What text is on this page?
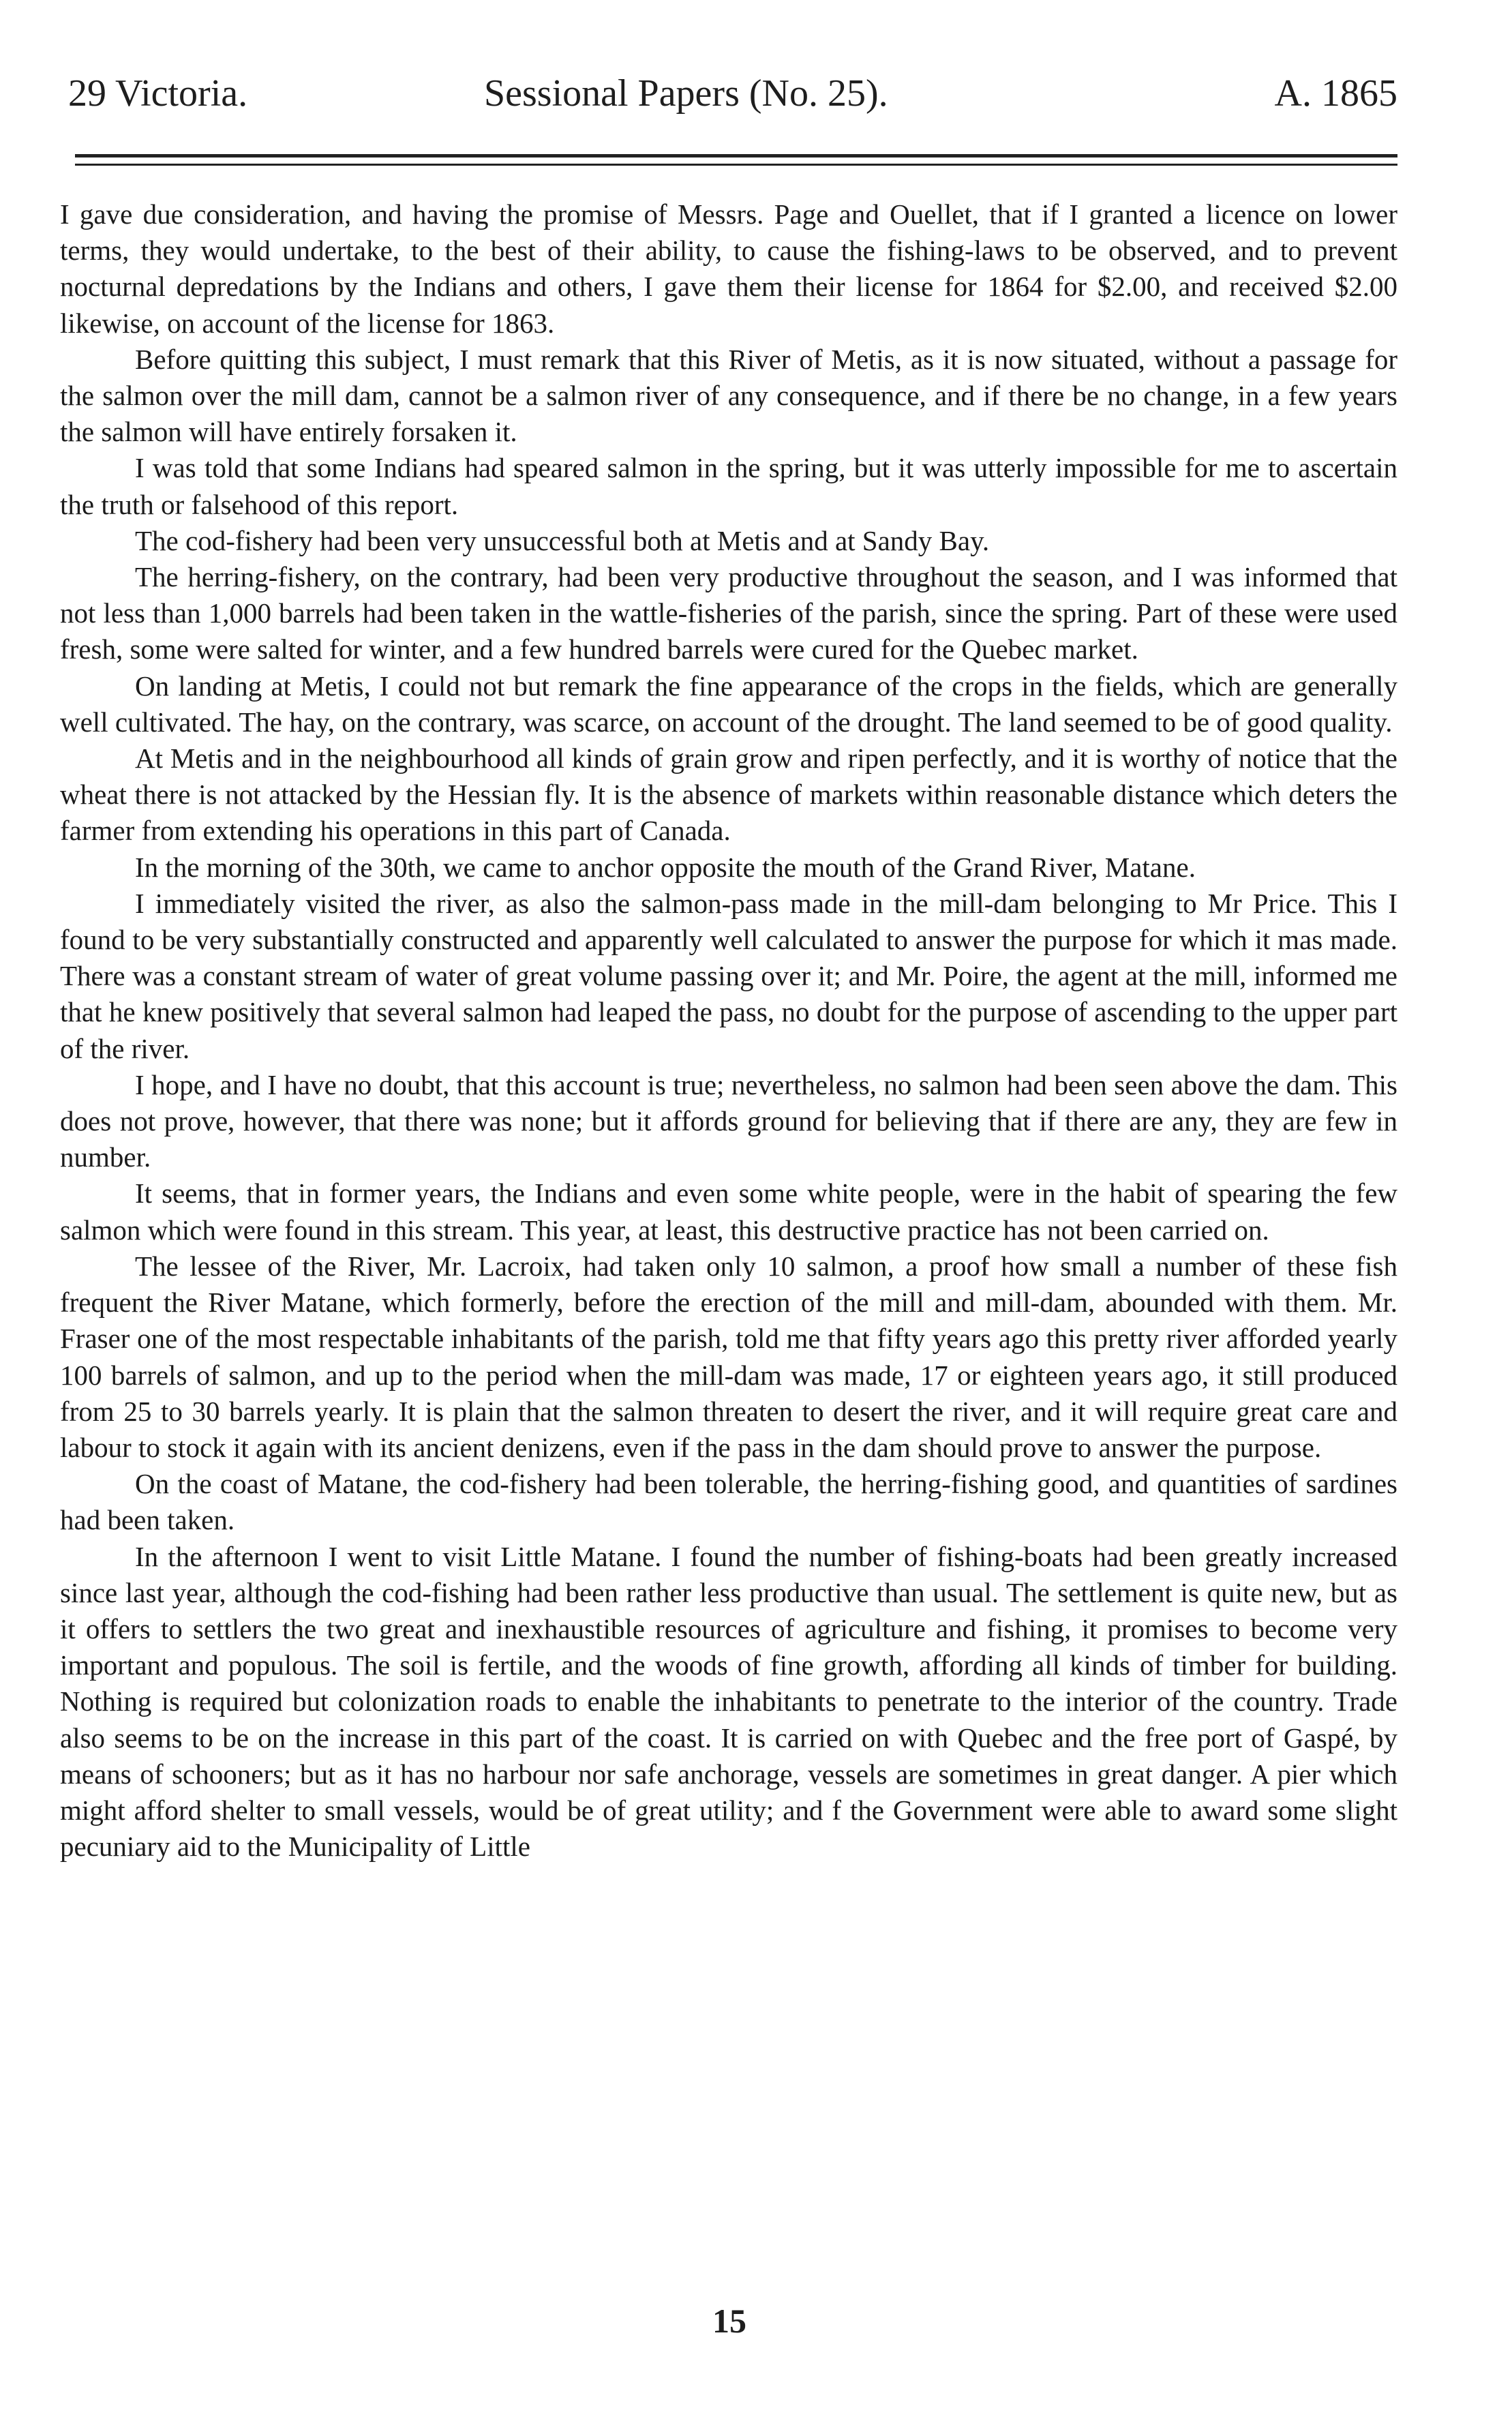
29 Victoria.	Sessional Papers (No. 25).	A. 1865

I gave due consideration, and having the promise of Messrs. Page and Ouellet, that if I granted a licence on lower terms, they would undertake, to the best of their ability, to cause the fishing-laws to be observed, and to prevent nocturnal depredations by the Indians and others, I gave them their license for 1864 for $2.00, and received $2.00 likewise, on account of the license for 1863.

Before quitting this subject, I must remark that this River of Metis, as it is now situated, without a passage for the salmon over the mill dam, cannot be a salmon river of any consequence, and if there be no change, in a few years the salmon will have entirely forsaken it.

I was told that some Indians had speared salmon in the spring, but it was utterly impossible for me to ascertain the truth or falsehood of this report.

The cod-fishery had been very unsuccessful both at Metis and at Sandy Bay.

The herring-fishery, on the contrary, had been very productive throughout the season, and I was informed that not less than 1,000 barrels had been taken in the wattle-fisheries of the parish, since the spring. Part of these were used fresh, some were salted for winter, and a few hundred barrels were cured for the Quebec market.

On landing at Metis, I could not but remark the fine appearance of the crops in the fields, which are generally well cultivated. The hay, on the contrary, was scarce, on account of the drought. The land seemed to be of good quality.

At Metis and in the neighbourhood all kinds of grain grow and ripen perfectly, and it is worthy of notice that the wheat there is not attacked by the Hessian fly. It is the absence of markets within reasonable distance which deters the farmer from extending his operations in this part of Canada.

In the morning of the 30th, we came to anchor opposite the mouth of the Grand River, Matane.

I immediately visited the river, as also the salmon-pass made in the mill-dam belonging to Mr Price. This I found to be very substantially constructed and apparently well calculated to answer the purpose for which it mas made. There was a constant stream of water of great volume passing over it; and Mr. Poire, the agent at the mill, informed me that he knew positively that several salmon had leaped the pass, no doubt for the purpose of ascending to the upper part of the river.

I hope, and I have no doubt, that this account is true; nevertheless, no salmon had been seen above the dam. This does not prove, however, that there was none; but it affords ground for believing that if there are any, they are few in number.

It seems, that in former years, the Indians and even some white people, were in the habit of spearing the few salmon which were found in this stream. This year, at least, this destructive practice has not been carried on.

The lessee of the River, Mr. Lacroix, had taken only 10 salmon, a proof how small a number of these fish frequent the River Matane, which formerly, before the erection of the mill and mill-dam, abounded with them. Mr. Fraser one of the most respectable inhabitants of the parish, told me that fifty years ago this pretty river afforded yearly 100 barrels of salmon, and up to the period when the mill-dam was made, 17 or eighteen years ago, it still produced from 25 to 30 barrels yearly. It is plain that the salmon threaten to desert the river, and it will require great care and labour to stock it again with its ancient denizens, even if the pass in the dam should prove to answer the purpose.

On the coast of Matane, the cod-fishery had been tolerable, the herring-fishing good, and quantities of sardines had been taken.

In the afternoon I went to visit Little Matane. I found the number of fishing-boats had been greatly increased since last year, although the cod-fishing had been rather less productive than usual. The settlement is quite new, but as it offers to settlers the two great and inexhaustible resources of agriculture and fishing, it promises to become very important and populous. The soil is fertile, and the woods of fine growth, affording all kinds of timber for building. Nothing is required but colonization roads to enable the inhabitants to penetrate to the interior of the country. Trade also seems to be on the increase in this part of the coast. It is carried on with Quebec and the free port of Gaspé, by means of schooners; but as it has no harbour nor safe anchorage, vessels are sometimes in great danger. A pier which might afford shelter to small vessels, would be of great utility; and f the Government were able to award some slight pecuniary aid to the Municipality of Little

15
